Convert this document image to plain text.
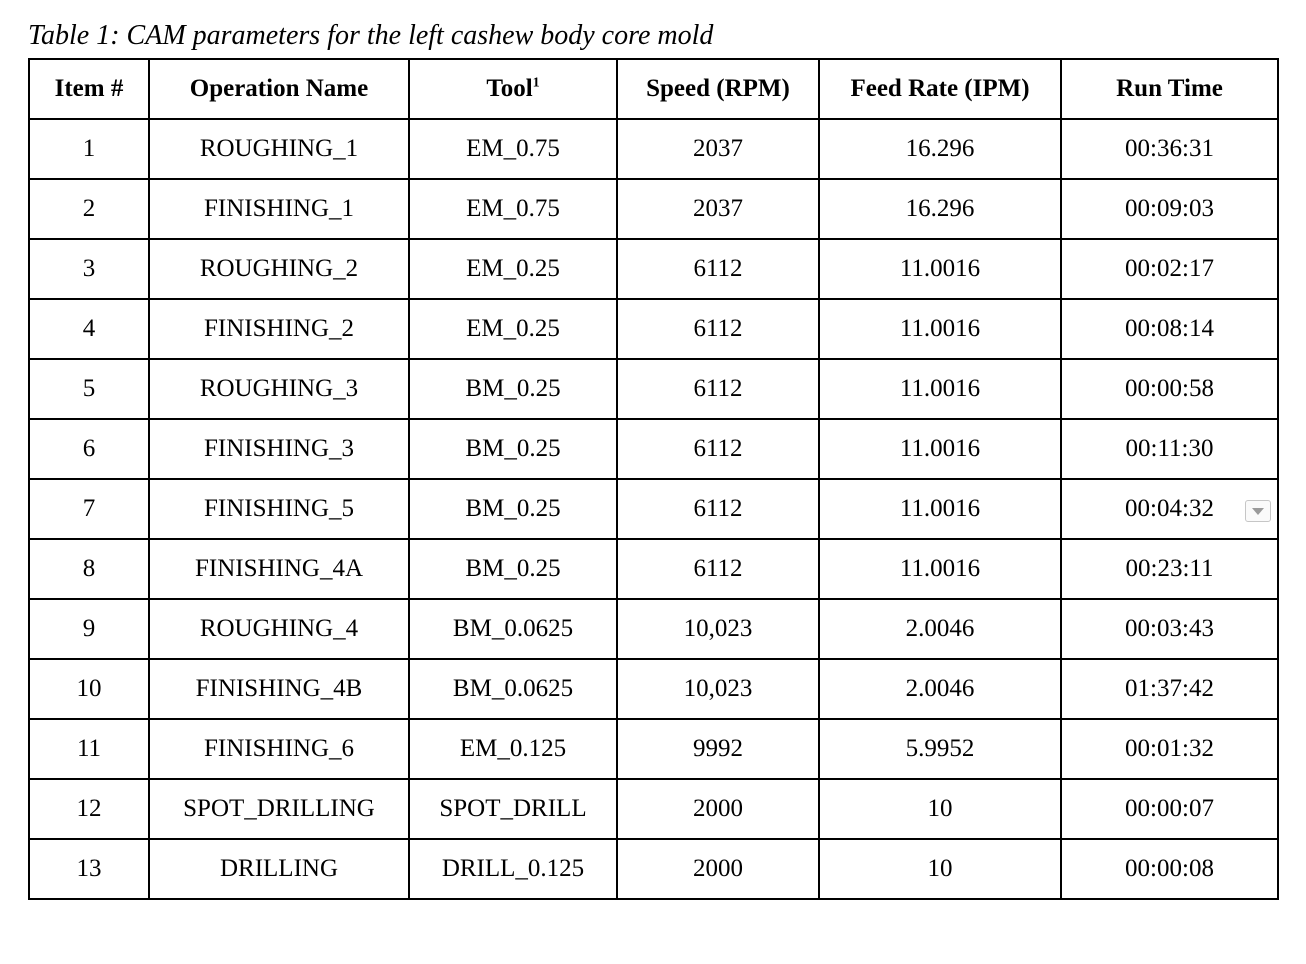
Table 1: CAM parameters for the left cashew body core mold
Item #	Operation Name	Tool$^1$	Speed (RPM)	Feed Rate (IPM)	Run Time
1	ROUGHING_1	EM_0.75	2037	16.296	00:36:31
2	FINISHING_1	EM_0.75	2037	16.296	00:09:03
3	ROUGHING_2	EM_0.25	6112	11.0016	00:02:17
4	FINISHING_2	EM_0.25	6112	11.0016	00:08:14
5	ROUGHING_3	BM_0.25	6112	11.0016	00:00:58
6	FINISHING_3	BM_0.25	6112	11.0016	00:11:30
7	FINISHING_5	BM_0.25	6112	11.0016	00:04:32
8	FINISHING_4A	BM_0.25	6112	11.0016	00:23:11
9	ROUGHING_4	BM_0.0625	10,023	2.0046	00:03:43
10	FINISHING_4B	BM_0.0625	10,023	2.0046	01:37:42
11	FINISHING_6	EM_0.125	9992	5.9952	00:01:32
12	SPOT_DRILLING	SPOT_DRILL	2000	10	00:00:07
13	DRILLING	DRILL_0.125	2000	10	00:00:08
